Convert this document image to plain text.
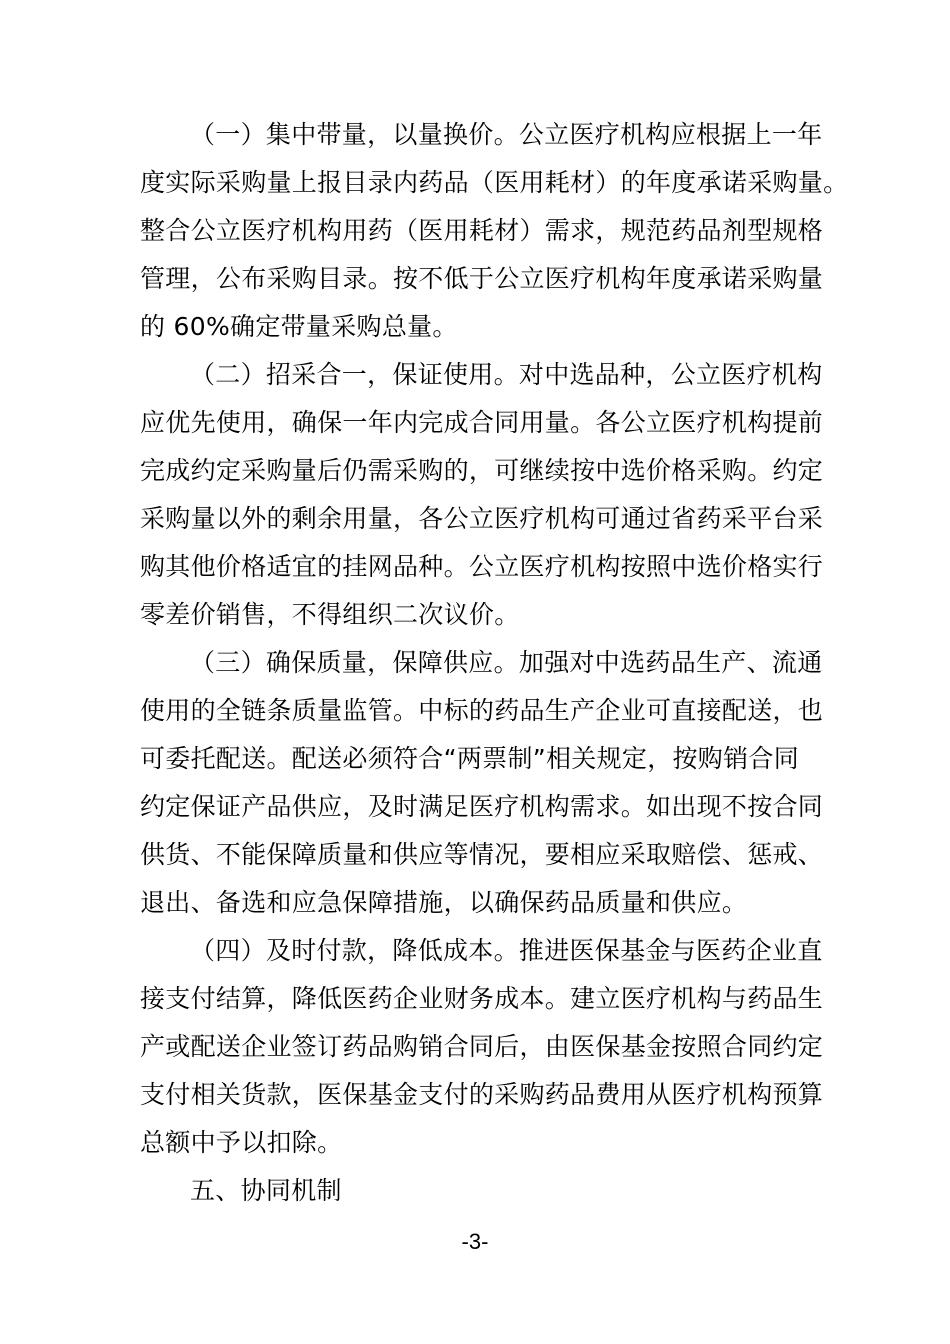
（一）集中带量，以量换价。公立医疗机构应根据上一年
度实际采购量上报目录内药品（医用耗材）的年度承诺采购量。
整合公立医疗机构用药（医用耗材）需求，规范药品剂型规格
管理，公布采购目录。按不低于公立医疗机构年度承诺采购量
的 60%确定带量采购总量。
（二）招采合一，保证使用。对中选品种，公立医疗机构
应优先使用，确保一年内完成合同用量。各公立医疗机构提前
完成约定采购量后仍需采购的，可继续按中选价格采购。约定
采购量以外的剩余用量，各公立医疗机构可通过省药采平台采
购其他价格适宜的挂网品种。公立医疗机构按照中选价格实行
零差价销售，不得组织二次议价。
（三）确保质量，保障供应。加强对中选药品生产、流通
使用的全链条质量监管。中标的药品生产企业可直接配送，也
可委托配送。配送必须符合“两票制”相关规定，按购销合同
约定保证产品供应，及时满足医疗机构需求。如出现不按合同
供货、不能保障质量和供应等情况，要相应采取赔偿、惩戒、
退出、备选和应急保障措施，以确保药品质量和供应。
（四）及时付款，降低成本。推进医保基金与医药企业直
接支付结算，降低医药企业财务成本。建立医疗机构与药品生
产或配送企业签订药品购销合同后，由医保基金按照合同约定
支付相关货款，医保基金支付的采购药品费用从医疗机构预算
总额中予以扣除。
五、协同机制
-3-
